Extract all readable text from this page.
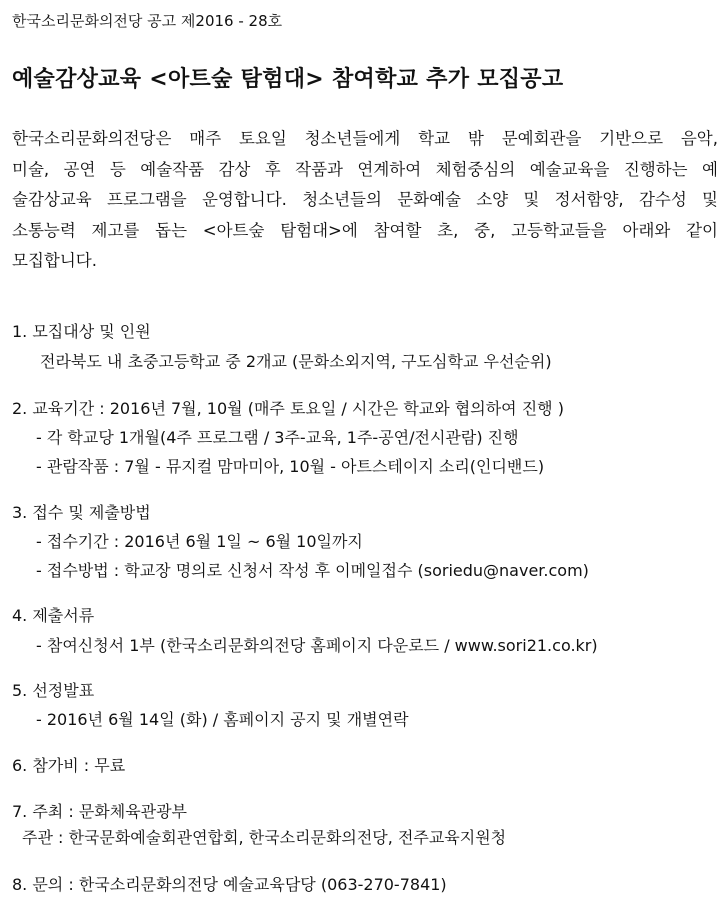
한국소리문화의전당 공고 제2016 - 28호
예술감상교육 <아트숲 탐험대> 참여학교 추가 모집공고
한국소리문화의전당은 매주 토요일 청소년들에게 학교 밖 문예회관을 기반으로 음악,
미술, 공연 등 예술작품 감상 후 작품과 연계하여 체험중심의 예술교육을 진행하는 예
술감상교육 프로그램을 운영합니다. 청소년들의 문화예술 소양 및 정서함양, 감수성 및
소통능력 제고를 돕는 <아트숲 탐험대>에 참여할 초, 중, 고등학교들을 아래와 같이
모집합니다.
1. 모집대상 및 인원
전라북도 내 초중고등학교 중 2개교 (문화소외지역, 구도심학교 우선순위)
2. 교육기간 : 2016년 7월, 10월 (매주 토요일 / 시간은 학교와 협의하여 진행 )
- 각 학교당 1개월(4주 프로그램 / 3주-교육, 1주-공연/전시관람) 진행
- 관람작품 : 7월 - 뮤지컬 맘마미아, 10월 - 아트스테이지 소리(인디밴드)
3. 접수 및 제출방법
- 접수기간 : 2016년 6월 1일 ~ 6월 10일까지
- 접수방법 : 학교장 명의로 신청서 작성 후 이메일접수 (soriedu@naver.com)
4. 제출서류
- 참여신청서 1부 (한국소리문화의전당 홈페이지 다운로드 / www.sori21.co.kr)
5. 선정발표
- 2016년 6월 14일 (화) / 홈페이지 공지 및 개별연락
6. 참가비 : 무료
7. 주최 : 문화체육관광부
주관 : 한국문화예술회관연합회, 한국소리문화의전당, 전주교육지원청
8. 문의 : 한국소리문화의전당 예술교육담당 (063-270-7841)
